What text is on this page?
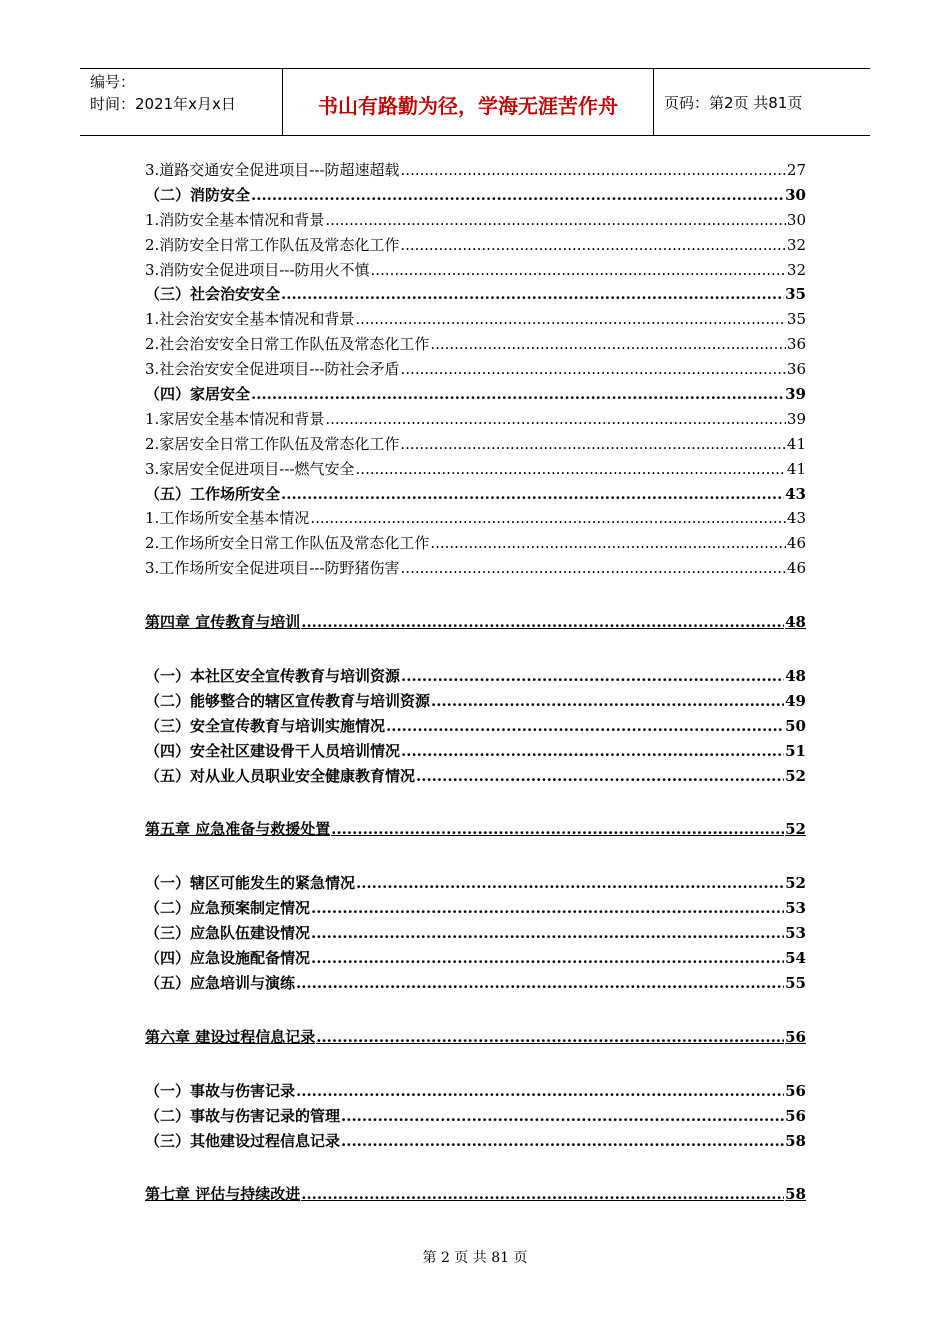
编号：
时间：2021年x月x日	书山有路勤为径，学海无涯苦作舟	页码：第2页 共81页
3.道路交通安全促进项目---防超速超载 .....	27
（二）消防安全 .....	30
1.消防安全基本情况和背景 .....	30
2.消防安全日常工作队伍及常态化工作 .....	32
3.消防安全促进项目---防用火不慎 .....	32
（三）社会治安安全 .....	35
1.社会治安安全基本情况和背景 .....	35
2.社会治安安全日常工作队伍及常态化工作 .....	36
3.社会治安安全促进项目---防社会矛盾 .....	36
（四）家居安全 .....	39
1.家居安全基本情况和背景 .....	39
2.家居安全日常工作队伍及常态化工作 .....	41
3.家居安全促进项目---燃气安全 .....	41
（五）工作场所安全 .....	43
1.工作场所安全基本情况 .....	43
2.工作场所安全日常工作队伍及常态化工作 .....	46
3.工作场所安全促进项目---防野猪伤害 .....	46
第四章 宣传教育与培训 .....	48
（一）本社区安全宣传教育与培训资源 .....	48
（二）能够整合的辖区宣传教育与培训资源 .....	49
（三）安全宣传教育与培训实施情况 .....	50
（四）安全社区建设骨干人员培训情况 .....	51
（五）对从业人员职业安全健康教育情况 .....	52
第五章 应急准备与救援处置 .....	52
（一）辖区可能发生的紧急情况 .....	52
（二）应急预案制定情况 .....	53
（三）应急队伍建设情况 .....	53
（四）应急设施配备情况 .....	54
（五）应急培训与演练 .....	55
第六章 建设过程信息记录 .....	56
（一）事故与伤害记录 .....	56
（二）事故与伤害记录的管理 .....	56
（三）其他建设过程信息记录 .....	58
第七章 评估与持续改进 .....	58
第 2 页 共 81 页
